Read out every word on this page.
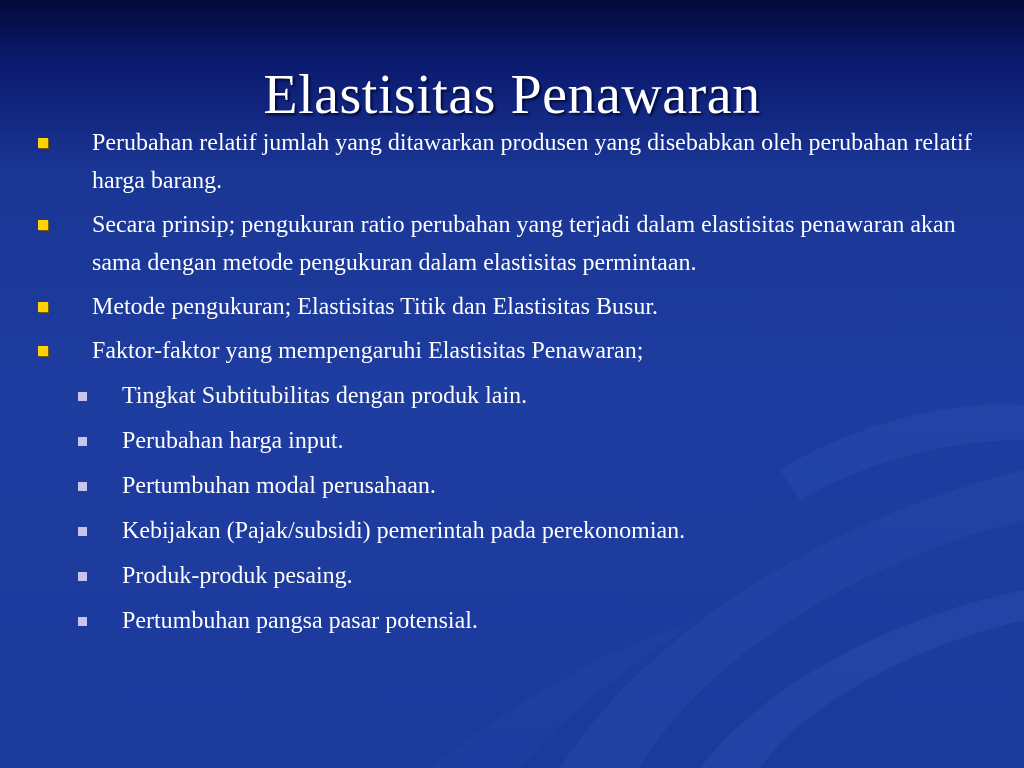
Elastisitas Penawaran
Perubahan relatif jumlah yang ditawarkan produsen yang disebabkan oleh perubahan relatif harga barang.
Secara prinsip; pengukuran ratio perubahan yang terjadi dalam elastisitas penawaran akan sama dengan metode pengukuran dalam elastisitas permintaan.
Metode pengukuran; Elastisitas Titik dan Elastisitas Busur.
Faktor-faktor yang mempengaruhi Elastisitas Penawaran;
Tingkat Subtitubilitas dengan produk lain.
Perubahan harga input.
Pertumbuhan modal perusahaan.
Kebijakan (Pajak/subsidi) pemerintah pada perekonomian.
Produk-produk pesaing.
Pertumbuhan pangsa pasar potensial.
